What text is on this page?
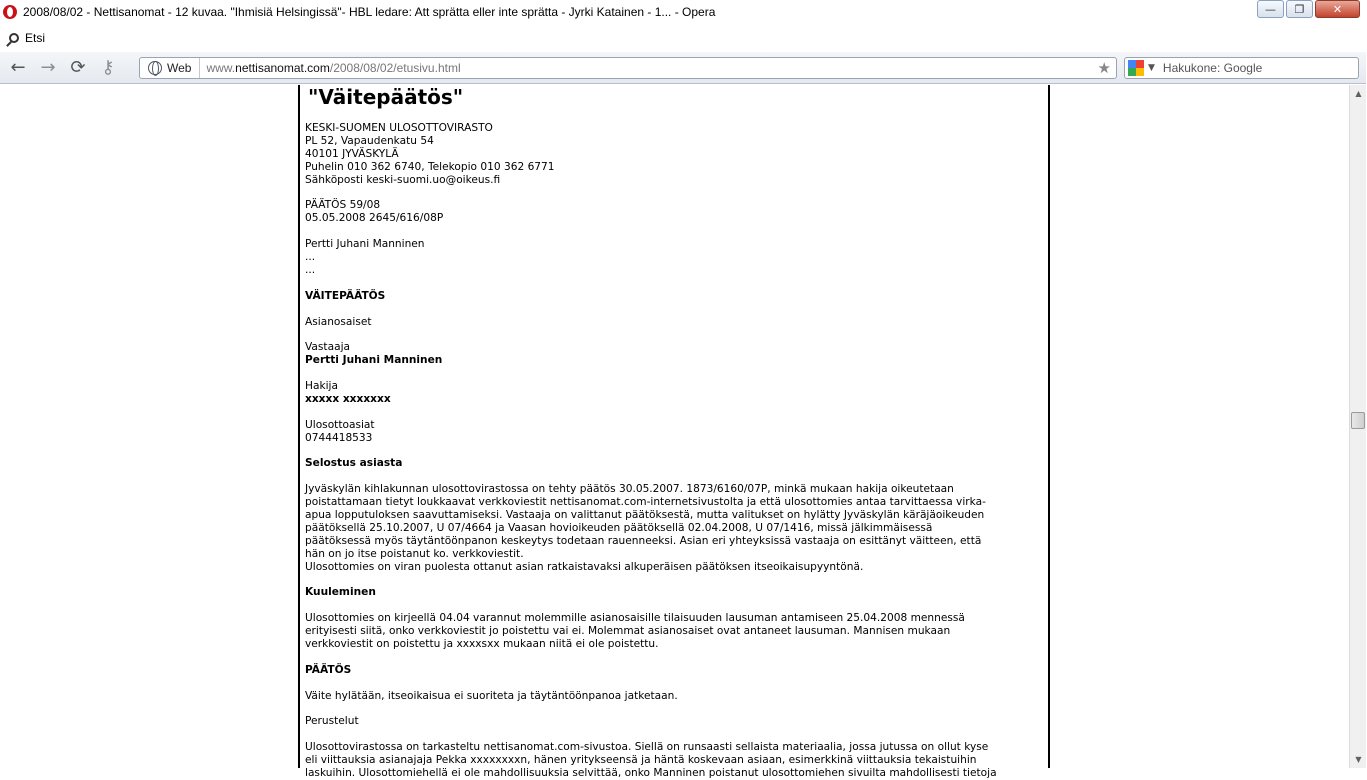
2008/08/02 - Nettisanomat - 12 kuvaa. "Ihmisiä Helsingissä"- HBL ledare: Att sprätta eller inte sprätta - Jyrki Katainen - 1... - Opera	—	❐	✕
Etsi
← → ⟳ ⚷	Web www.nettisanomat.com/2008/08/02/etusivu.html	★	▼ Hakukone: Google
"Väitepäätös"

KESKI-SUOMEN ULOSOTTOVIRASTO

PL 52, Vapaudenkatu 54

40101 JYVÄSKYLÄ

Puhelin 010 362 6740, Telekopio 010 362 6771

Sähköposti keski-suomi.uo@oikeus.fi

PÄÄTÖS 59/08

05.05.2008 2645/616/08P

Pertti Juhani Manninen

...

...

VÄITEPÄÄTÖS

Asianosaiset

Vastaaja

Pertti Juhani Manninen

Hakija

xxxxx xxxxxxx

Ulosottoasiat

0744418533

Selostus asiasta

Jyväskylän kihlakunnan ulosottovirastossa on tehty päätös 30.05.2007. 1873/6160/07P, minkä mukaan hakija oikeutetaan

poistattamaan tietyt loukkaavat verkkoviestit nettisanomat.com-internetsivustolta ja että ulosottomies antaa tarvittaessa virka-

apua lopputuloksen saavuttamiseksi. Vastaaja on valittanut päätöksestä, mutta valitukset on hylätty Jyväskylän käräjäoikeuden

päätöksellä 25.10.2007, U 07/4664 ja Vaasan hovioikeuden päätöksellä 02.04.2008, U 07/1416, missä jälkimmäisessä

päätöksessä myös täytäntöönpanon keskeytys todetaan rauenneeksi. Asian eri yhteyksissä vastaaja on esittänyt väitteen, että

hän on jo itse poistanut ko. verkkoviestit.

Ulosottomies on viran puolesta ottanut asian ratkaistavaksi alkuperäisen päätöksen itseoikaisupyyntönä.

Kuuleminen

Ulosottomies on kirjeellä 04.04 varannut molemmille asianosaisille tilaisuuden lausuman antamiseen 25.04.2008 mennessä

erityisesti siitä, onko verkkoviestit jo poistettu vai ei. Molemmat asianosaiset ovat antaneet lausuman. Mannisen mukaan

verkkoviestit on poistettu ja xxxxsxx mukaan niitä ei ole poistettu.

PÄÄTÖS

Väite hylätään, itseoikaisua ei suoriteta ja täytäntöönpanoa jatketaan.

Perustelut

Ulosottovirastossa on tarkasteltu nettisanomat.com-sivustoa. Siellä on runsaasti sellaista materiaalia, jossa jutussa on ollut kyse

eli viittauksia asianajaja Pekka xxxxxxxxn, hänen yritykseensä ja häntä koskevaan asiaan, esimerkkinä viittauksia tekaistuihin

laskuihin. Ulosottomiehellä ei ole mahdollisuuksia selvittää, onko Manninen poistanut ulosottomiehen sivuilta mahdollisesti tietoja

▲
▼
